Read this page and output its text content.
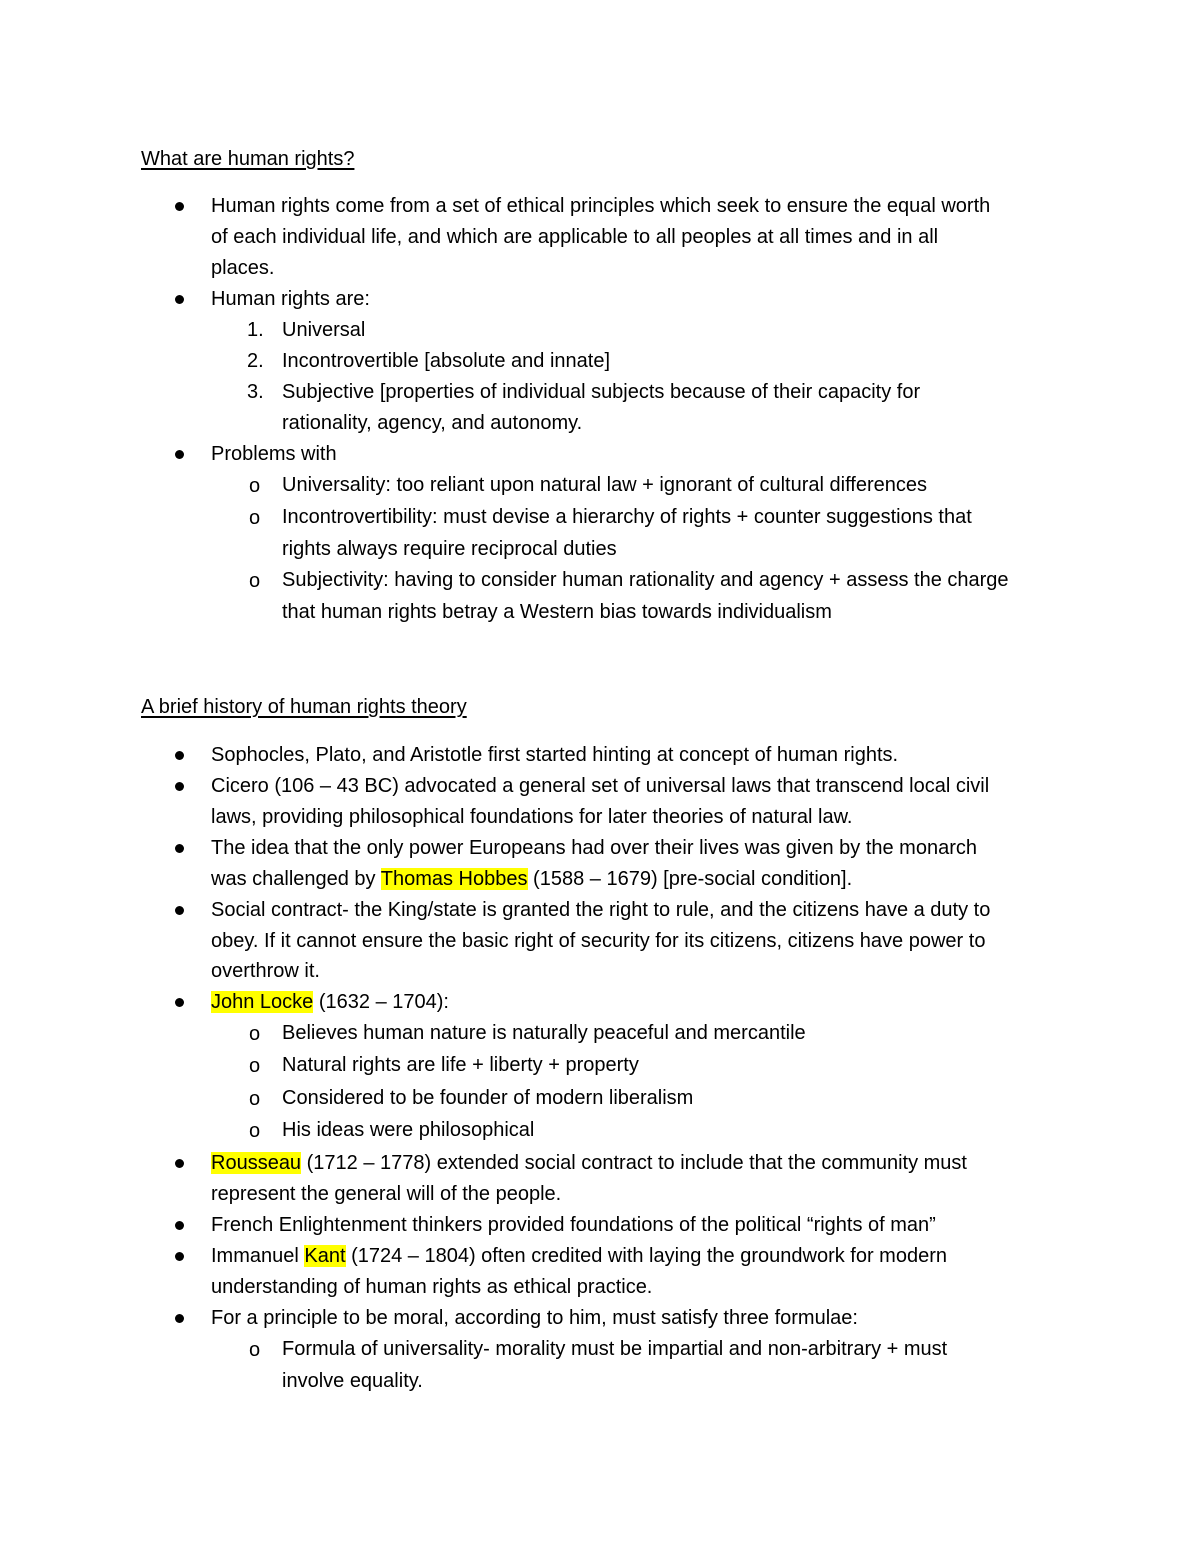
What are human rights?
Human rights come from a set of ethical principles which seek to ensure the equal worth
of each individual life, and which are applicable to all peoples at all times and in all
places.
Human rights are:
1. Universal
2. Incontrovertible [absolute and innate]
3. Subjective [properties of individual subjects because of their capacity for
rationality, agency, and autonomy.
Problems with
o Universality: too reliant upon natural law + ignorant of cultural differences
o Incontrovertibility: must devise a hierarchy of rights + counter suggestions that
rights always require reciprocal duties
o Subjectivity: having to consider human rationality and agency + assess the charge
that human rights betray a Western bias towards individualism
A brief history of human rights theory
Sophocles, Plato, and Aristotle first started hinting at concept of human rights.
Cicero (106 – 43 BC) advocated a general set of universal laws that transcend local civil
laws, providing philosophical foundations for later theories of natural law.
The idea that the only power Europeans had over their lives was given by the monarch
was challenged by Thomas Hobbes (1588 – 1679) [pre-social condition].
Social contract- the King/state is granted the right to rule, and the citizens have a duty to
obey. If it cannot ensure the basic right of security for its citizens, citizens have power to
overthrow it.
John Locke (1632 – 1704):
o Believes human nature is naturally peaceful and mercantile
o Natural rights are life + liberty + property
o Considered to be founder of modern liberalism
o His ideas were philosophical
Rousseau (1712 – 1778) extended social contract to include that the community must
represent the general will of the people.
French Enlightenment thinkers provided foundations of the political “rights of man”
Immanuel Kant (1724 – 1804) often credited with laying the groundwork for modern
understanding of human rights as ethical practice.
For a principle to be moral, according to him, must satisfy three formulae:
o Formula of universality- morality must be impartial and non-arbitrary + must
involve equality.
